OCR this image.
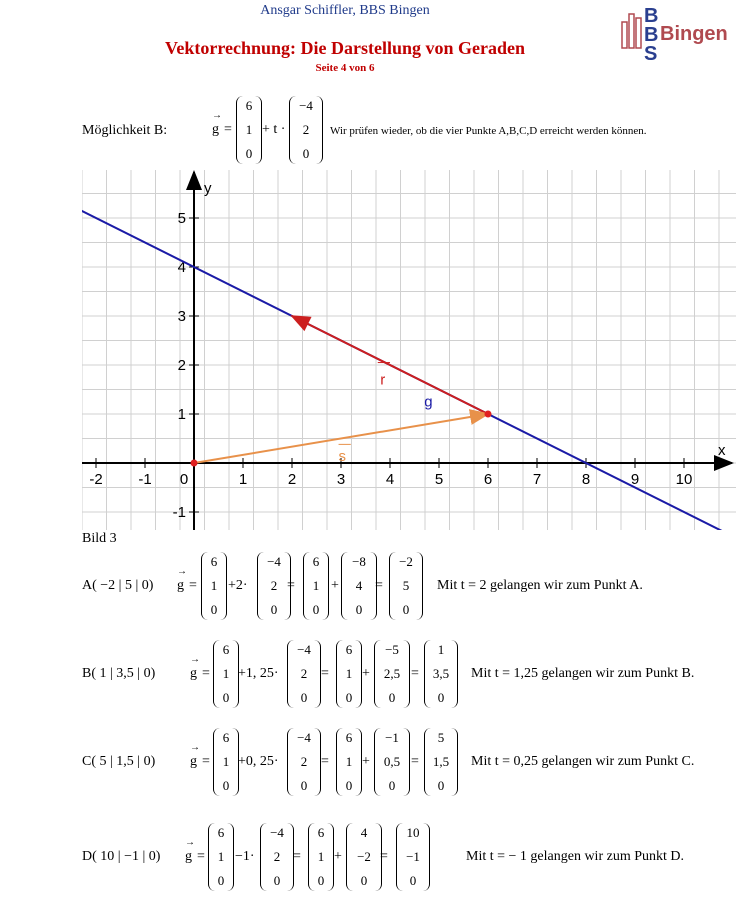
Ansgar Schiffler, BBS Bingen
Vektorrechnung: Die Darstellung von Geraden
Seite 4 von 6
B
B
S
Bingen
Möglichkeit B:	→ g =
6
1
0
+ t ·
−4
2
0
Wir prüfen wieder, ob die vier Punkte A,B,C,D erreicht werden können.
x
y
-2 -1 0	1	2	3	4	5	6	7	8	9 10
-1
1
2
3
4
5
g
r
s
Bild 3
A( −2 | 5 | 0) → g =
6
1
0
+2·
−4
2
0
=
6
1
0
+
−8
4
0
=
−2
5
0
Mit t = 2 gelangen wir zum Punkt A.
B( 1 | 3,5 | 0) → g =
6
1
0
+1, 25·
−4
2
0
=
6
1
0
+
−5
2,5
0
=
1
3,5
0
Mit t = 1,25 gelangen wir zum Punkt B.
C( 5 | 1,5 | 0) → g =
6
1
0
+0, 25·
−4
2
0
=
6
1
0
+
−1
0,5
0
=
5
1,5
0
Mit t = 0,25 gelangen wir zum Punkt C.
D( 10 | −1 | 0) → g =
6
1
0
−1·
−4
2
0
=
6
1
0
+
4
−2
0
=
10
−1
0
Mit t = − 1 gelangen wir zum Punkt D.
